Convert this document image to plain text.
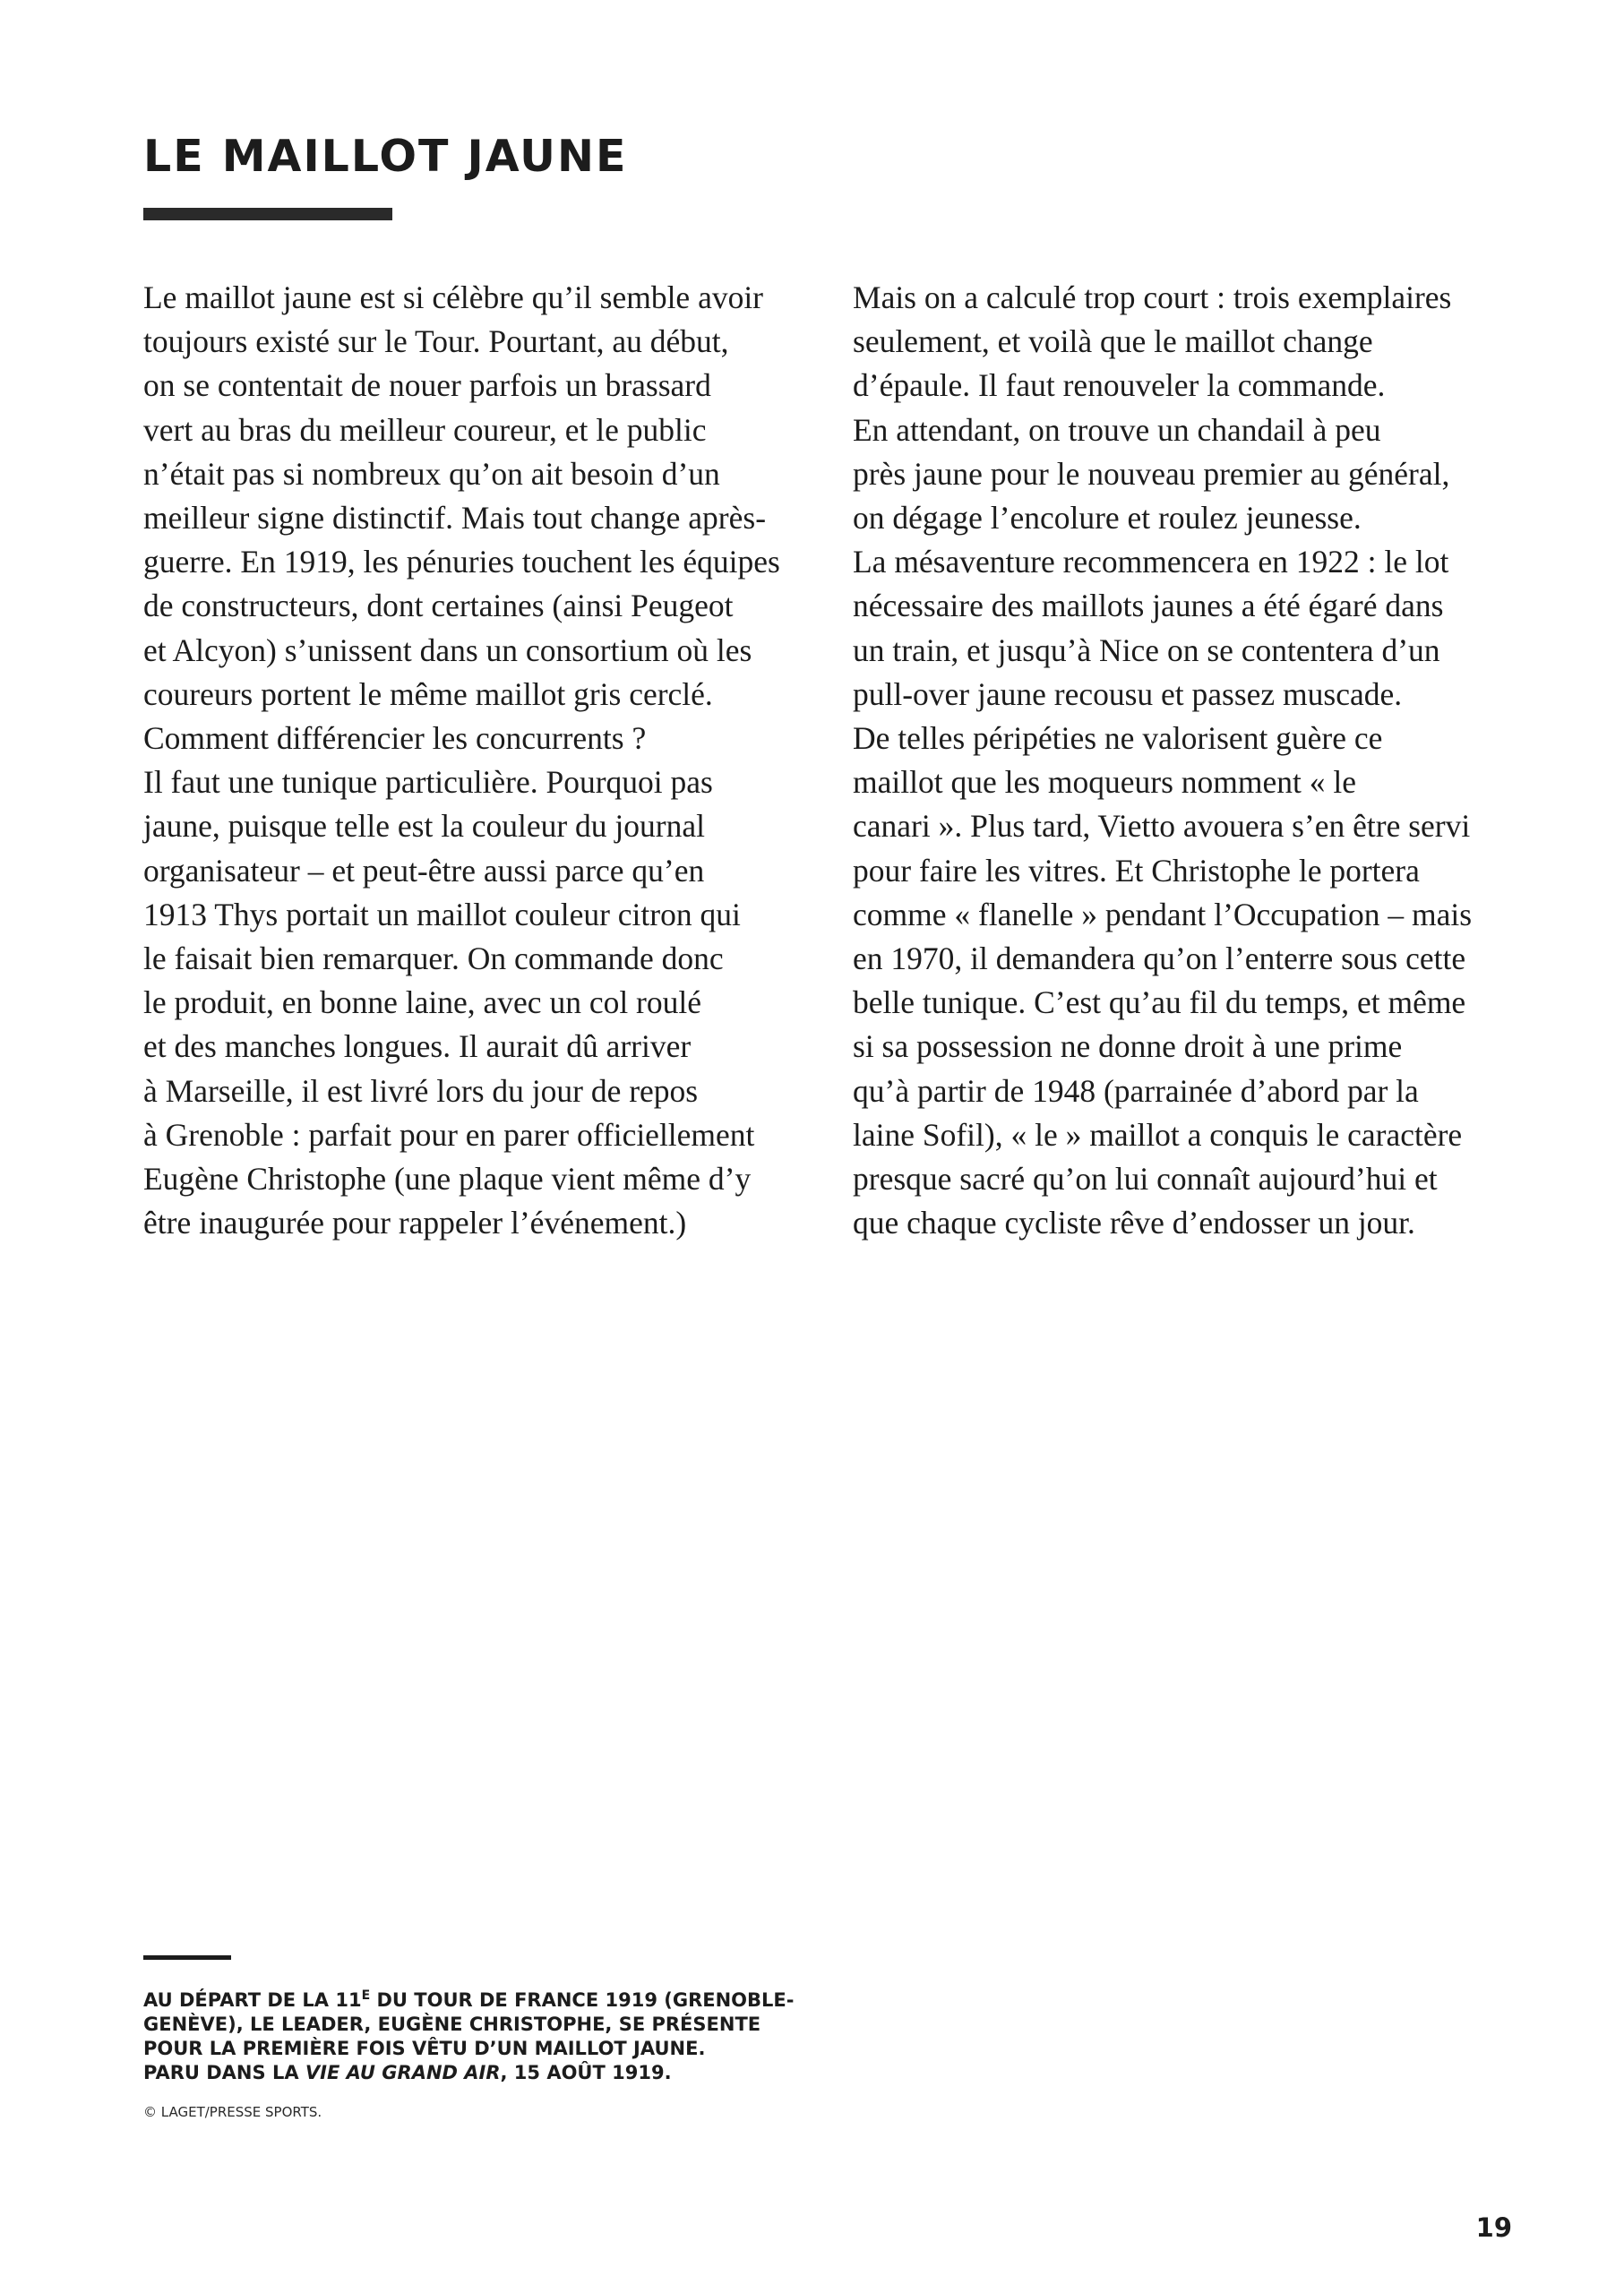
LE MAILLOT JAUNE

Le maillot jaune est si célèbre qu’il semble avoir

toujours existé sur le Tour. Pourtant, au début,

on se contentait de nouer parfois un brassard

vert au bras du meilleur coureur, et le public

n’était pas si nombreux qu’on ait besoin d’un

meilleur signe distinctif. Mais tout change après-

guerre. En 1919, les pénuries touchent les équipes

de constructeurs, dont certaines (ainsi Peugeot

et Alcyon) s’unissent dans un consortium où les

coureurs portent le même maillot gris cerclé.

Comment différencier les concurrents ?

Il faut une tunique particulière. Pourquoi pas

jaune, puisque telle est la couleur du journal

organisateur – et peut-être aussi parce qu’en

1913 Thys portait un maillot couleur citron qui

le faisait bien remarquer. On commande donc

le produit, en bonne laine, avec un col roulé

et des manches longues. Il aurait dû arriver

à Marseille, il est livré lors du jour de repos

à Grenoble : parfait pour en parer officiellement

Eugène Christophe (une plaque vient même d’y

être inaugurée pour rappeler l’événement.)

Mais on a calculé trop court : trois exemplaires

seulement, et voilà que le maillot change

d’épaule. Il faut renouveler la commande.

En attendant, on trouve un chandail à peu

près jaune pour le nouveau premier au général,

on dégage l’encolure et roulez jeunesse.

La mésaventure recommencera en 1922 : le lot

nécessaire des maillots jaunes a été égaré dans

un train, et jusqu’à Nice on se contentera d’un

pull-over jaune recousu et passez muscade.

De telles péripéties ne valorisent guère ce

maillot que les moqueurs nomment « le

canari ». Plus tard, Vietto avouera s’en être servi

pour faire les vitres. Et Christophe le portera

comme « flanelle » pendant l’Occupation – mais

en 1970, il demandera qu’on l’enterre sous cette

belle tunique. C’est qu’au fil du temps, et même

si sa possession ne donne droit à une prime

qu’à partir de 1948 (parrainée d’abord par la

laine Sofil), « le » maillot a conquis le caractère

presque sacré qu’on lui connaît aujourd’hui et

que chaque cycliste rêve d’endosser un jour.

AU DÉPART DE LA $11^E$ DU TOUR DE FRANCE 1919 (GRENOBLE-
GENÈVE), LE LEADER, EUGÈNE CHRISTOPHE, SE PRÉSENTE
POUR LA PREMIÈRE FOIS VÊTU D’UN MAILLOT JAUNE.
PARU DANS LA VIE AU GRAND AIR, 15 AOÛT 1919.
© LAGET/PRESSE SPORTS.
19
